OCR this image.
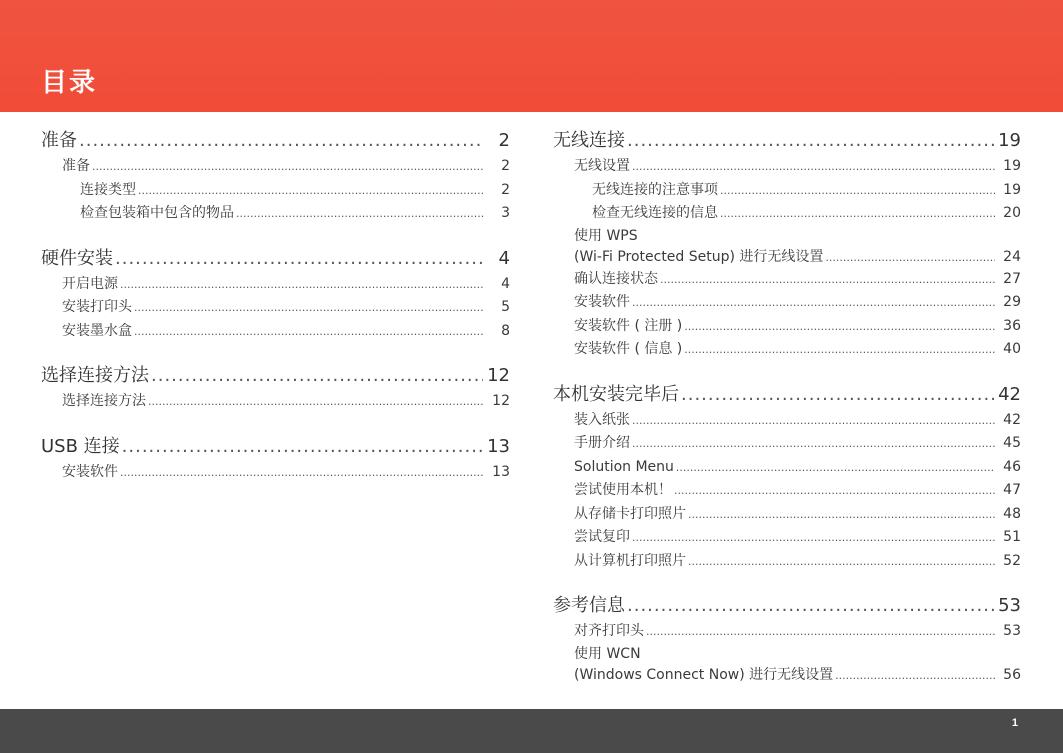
目录
准备 .....	2
准备 .....	2
连接类型 .....	2
检查包装箱中包含的物品 .....	3
硬件安装 .....	4
开启电源 .....	4
安装打印头 .....	5
安装墨水盒 .....	8
选择连接方法 .....	12
选择连接方法 .....	12
USB 连接 .....	13
安装软件 .....	13
无线连接 .....	19
无线设置 .....	19
无线连接的注意事项 .....	19
检查无线连接的信息 .....	20
使用 WPS
(Wi-Fi Protected Setup) 进行无线设置 .....	24
确认连接状态 .....	27
安装软件 .....	29
安装软件 ( 注册 ) .....	36
安装软件 ( 信息 ) .....	40
本机安装完毕后 .....	42
装入纸张 .....	42
手册介绍 .....	45
Solution Menu .....	46
尝试使用本机！ .....	47
从存储卡打印照片 .....	48
尝试复印 .....	51
从计算机打印照片 .....	52
参考信息 .....	53
对齐打印头 .....	53
使用 WCN
(Windows Connect Now) 进行无线设置 .....	56
1
